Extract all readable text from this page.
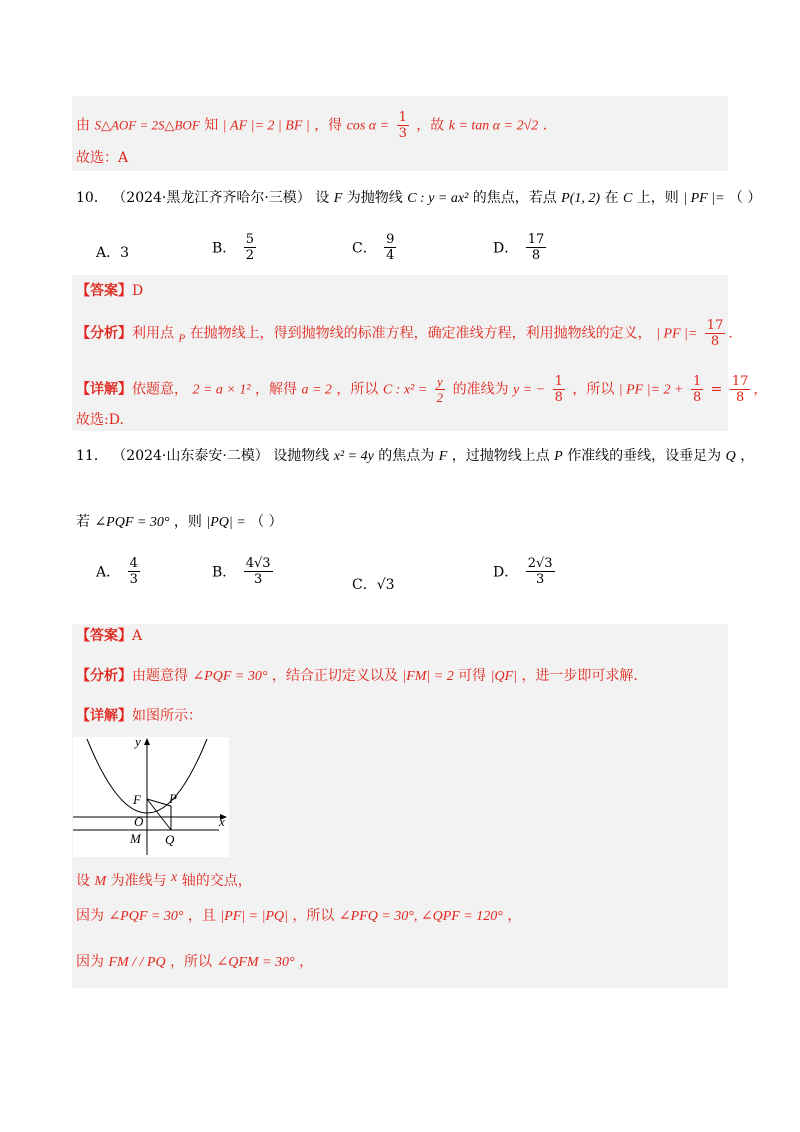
由 S△AOF = 2S△BOF 知 | AF |= 2 | BF | ，得 $\cos \alpha = \frac{1}{3}$ ，故 k = tan α = 2√2 ．
故选：A
10． （2024·黑龙江齐齐哈尔·三模） 设 F 为抛物线 C : y = ax² 的焦点，若点 P(1, 2) 在 C 上，则 | PF |= （ ）
A．3	B． $\frac{5}{2}$	C． $\frac{9}{4}$	D． $\frac{17}{8}$
【答案】D
【分析】利用点 $_P$ 在抛物线上，得到抛物线的标准方程，确定准线方程，利用抛物线的定义， | PF |= $\frac{17}{8}$ .
【详解】依题意， 2 = a × 1² ，解得 a = 2 ，所以 C : $x^2 = \frac{y}{2}$ 的准线为 y = − $\frac{1}{8}$ ，所以 | PF |= $2 + \frac{1}{8} = \frac{17}{8}$ ，
故选:D.
11． （2024·山东泰安·二模） 设抛物线 x² = 4y 的焦点为 F ，过抛物线上点 P 作准线的垂线，设垂足为 Q ，
若 ∠PQF = 30° ，则 |PQ| = （ ）
A． $\frac{4}{3}$	B． $\frac{4√3}{3}$	C．√3
D． $\frac{2√3}{3}$
【答案】A
【分析】由题意得 ∠PQF = 30° ，结合正切定义以及 |FM| = 2 可得 |QF| ，进一步即可求解.
【详解】如图所示：
y
x
F P
O
M Q
设 M 为准线与 x 轴的交点，
因为 ∠PQF = 30° ，且 |PF| = |PQ| ，所以 ∠PFQ = 30°, ∠QPF = 120° ，
因为 FM / / PQ ，所以 ∠QFM = 30° ，
